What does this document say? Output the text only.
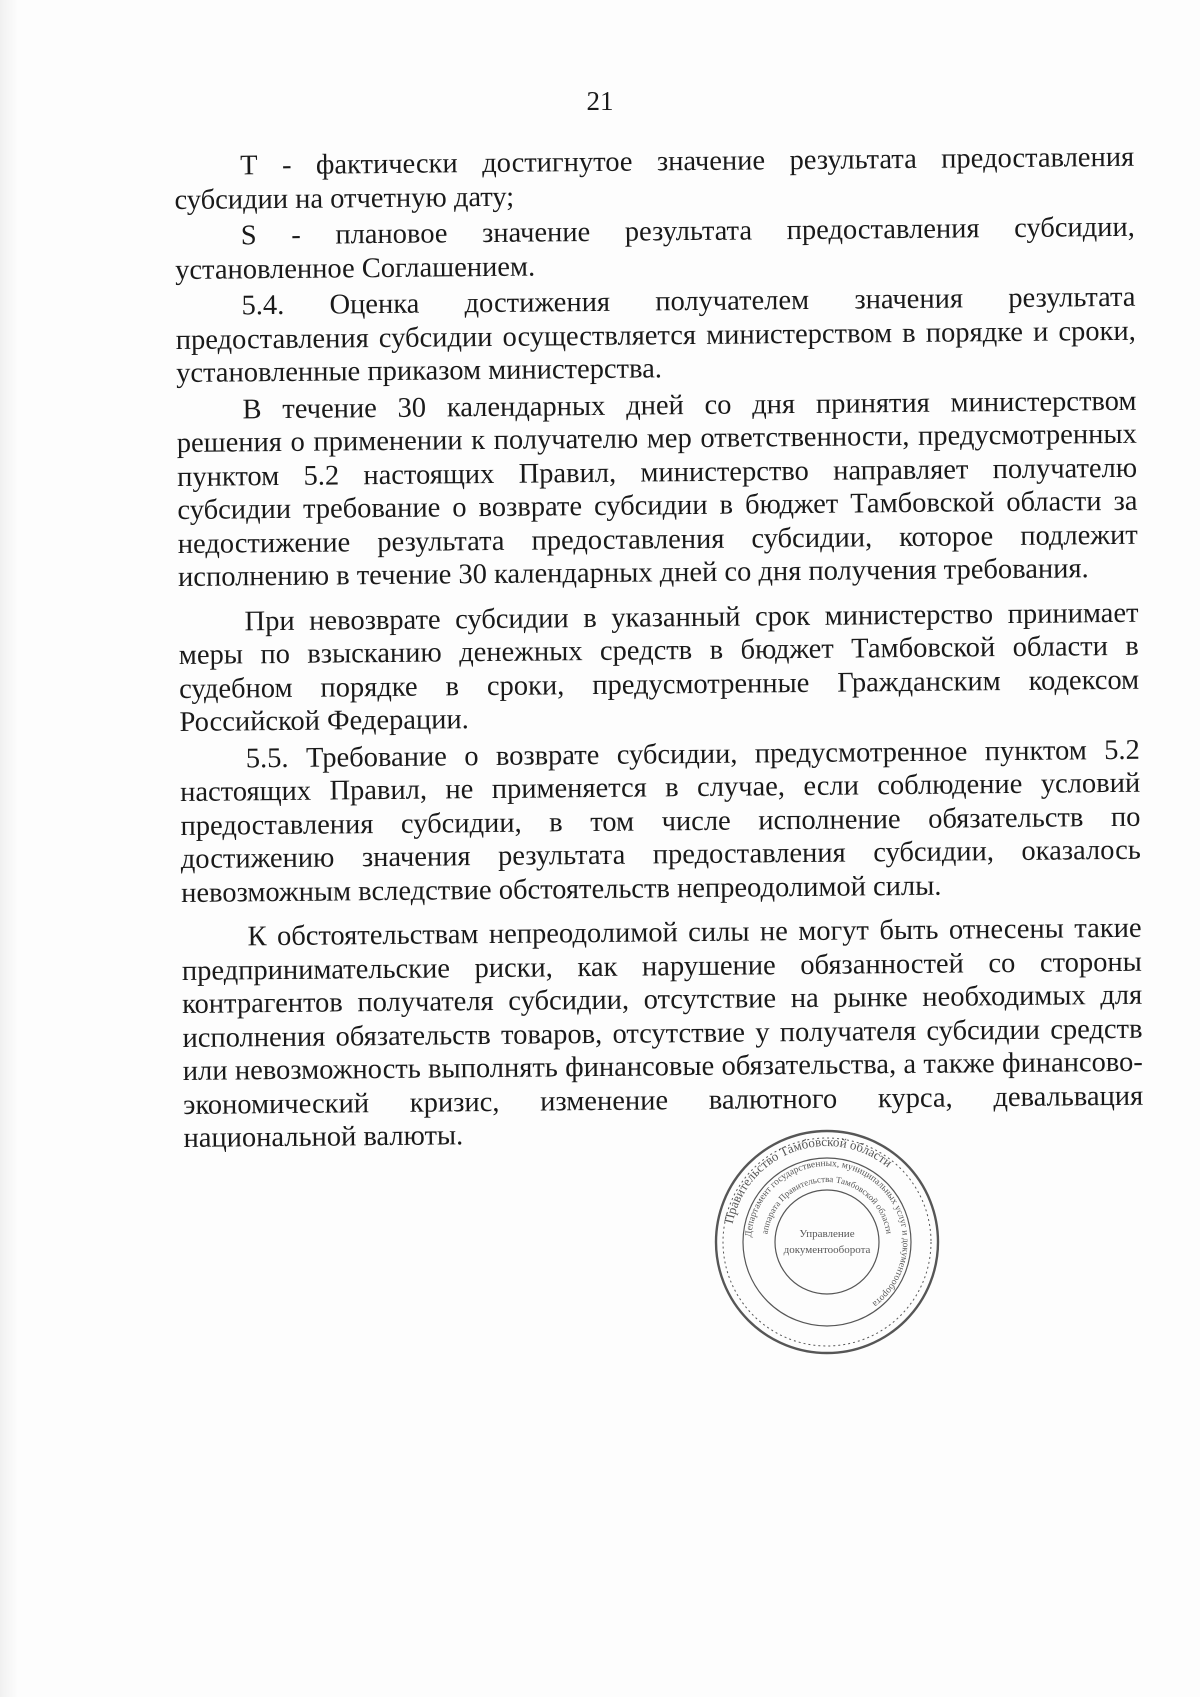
21

Т - фактически достигнутое значение результата предоставления субсидии на отчетную дату;

S - плановое значение результата предоставления субсидии, установленное Соглашением.

5.4. Оценка достижения получателем значения результата предоставления субсидии осуществляется министерством в порядке и сроки, установленные приказом министерства.

В течение 30 календарных дней со дня принятия министерством решения о применении к получателю мер ответственности, предусмотренных пунктом 5.2 настоящих Правил, министерство направляет получателю субсидии требование о возврате субсидии в бюджет Тамбовской области за недостижение результата предоставления субсидии, которое подлежит исполнению в течение 30 календарных дней со дня получения требования.

При невозврате субсидии в указанный срок министерство принимает меры по взысканию денежных средств в бюджет Тамбовской области в судебном порядке в сроки, предусмотренные Гражданским кодексом Российской Федерации.

5.5. Требование о возврате субсидии, предусмотренное пунктом 5.2 настоящих Правил, не применяется в случае, если соблюдение условий предоставления субсидии, в том числе исполнение обязательств по достижению значения результата предоставления субсидии, оказалось невозможным вследствие обстоятельств непреодолимой силы.

К обстоятельствам непреодолимой силы не могут быть отнесены такие предпринимательские риски, как нарушение обязанностей со стороны контрагентов получателя субсидии, отсутствие на рынке необходимых для исполнения обязательств товаров, отсутствие у получателя субсидии средств или невозможность выполнять финансовые обязательства, а также финансово-экономический кризис, изменение валютного курса, девальвация национальной валюты.

Правительство Тамбовской области
Департамент государственных, муниципальных услуг и документооборота
аппарата Правительства Тамбовской области
Управление
документооборота
